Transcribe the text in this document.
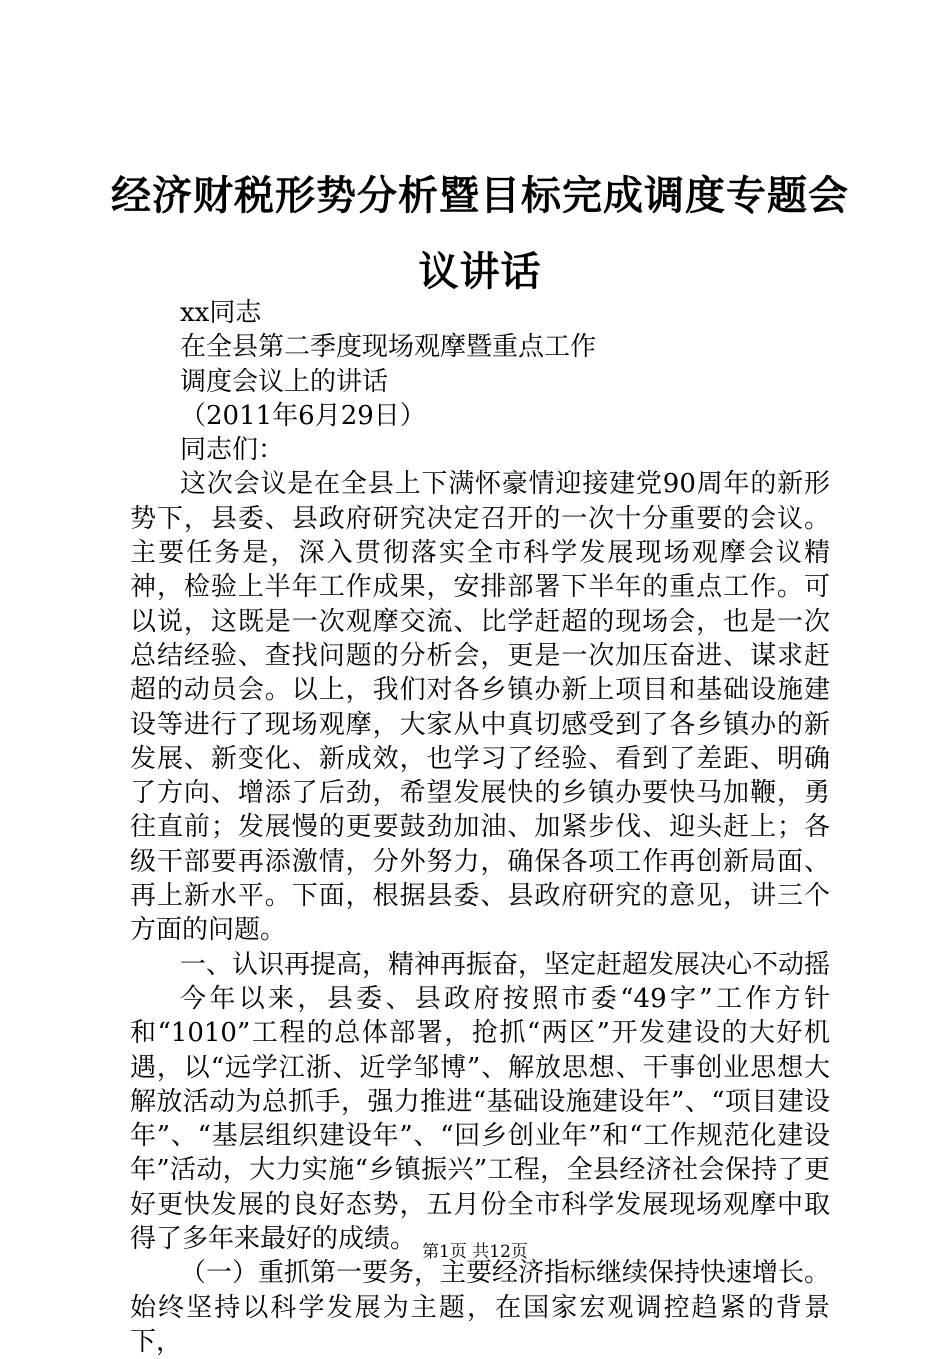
经济财税形势分析暨目标完成调度专题会议讲话

xx同志

在全县第二季度现场观摩暨重点工作

调度会议上的讲话

（2011年6月29日）

同志们：

这次会议是在全县上下满怀豪情迎接建党90周年的新形势下，县委、县政府研究决定召开的一次十分重要的会议。主要任务是，深入贯彻落实全市科学发展现场观摩会议精神，检验上半年工作成果，安排部署下半年的重点工作。可以说，这既是一次观摩交流、比学赶超的现场会，也是一次总结经验、查找问题的分析会，更是一次加压奋进、谋求赶超的动员会。以上，我们对各乡镇办新上项目和基础设施建设等进行了现场观摩，大家从中真切感受到了各乡镇办的新发展、新变化、新成效，也学习了经验、看到了差距、明确了方向、增添了后劲，希望发展快的乡镇办要快马加鞭，勇往直前；发展慢的更要鼓劲加油、加紧步伐、迎头赶上；各级干部要再添激情，分外努力，确保各项工作再创新局面、再上新水平。下面，根据县委、县政府研究的意见，讲三个方面的问题。

一、认识再提高，精神再振奋，坚定赶超发展决心不动摇

今年以来，县委、县政府按照市委“49字”工作方针和“1010”工程的总体部署，抢抓“两区”开发建设的大好机遇，以“远学江浙、近学邹博”、解放思想、干事创业思想大解放活动为总抓手，强力推进“基础设施建设年”、“项目建设年”、“基层组织建设年”、“回乡创业年”和“工作规范化建设年”活动，大力实施“乡镇振兴”工程，全县经济社会保持了更好更快发展的良好态势，五月份全市科学发展现场观摩中取得了多年来最好的成绩。

（一）重抓第一要务，主要经济指标继续保持快速增长。始终坚持以科学发展为主题，在国家宏观调控趋紧的背景下，

第1页 共12页
